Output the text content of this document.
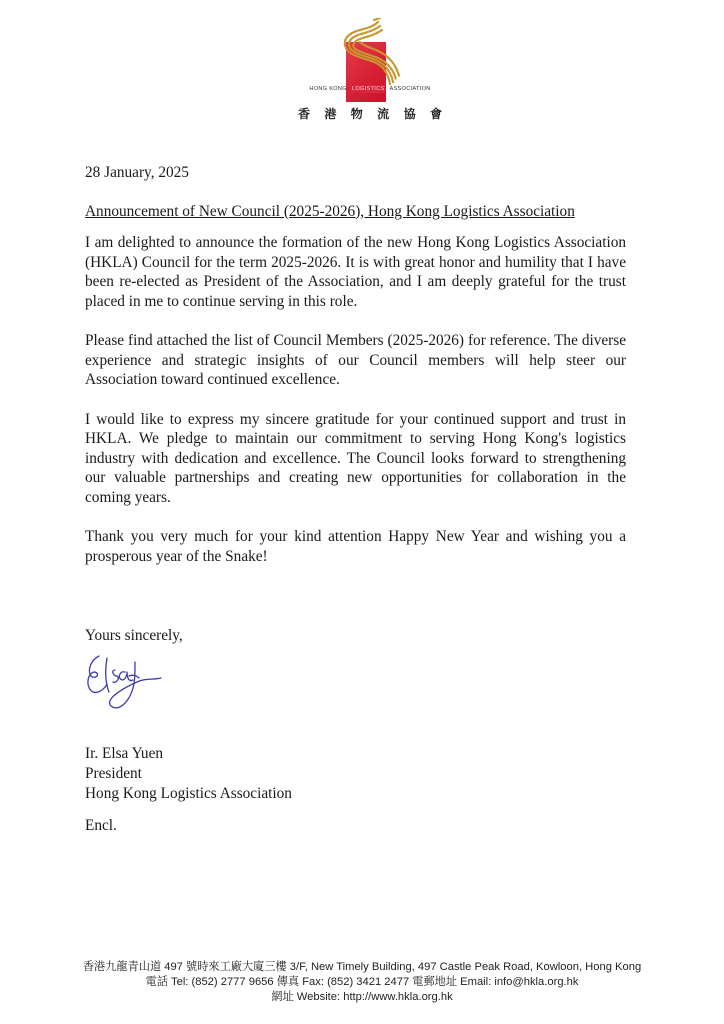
HONG KONG LOGISTICS ASSOCIATION
香 港 物 流 協 會

28 January, 2025

Announcement of New Council (2025-2026), Hong Kong Logistics Association

I am delighted to announce the formation of the new Hong Kong Logistics Association (HKLA) Council for the term 2025-2026. It is with great honor and humility that I have been re-elected as President of the Association, and I am deeply grateful for the trust placed in me to continue serving in this role.

Please find attached the list of Council Members (2025-2026) for reference. The diverse experience and strategic insights of our Council members will help steer our Association toward continued excellence.

I would like to express my sincere gratitude for your continued support and trust in HKLA. We pledge to maintain our commitment to serving Hong Kong's logistics industry with dedication and excellence. The Council looks forward to strengthening our valuable partnerships and creating new opportunities for collaboration in the coming years.

Thank you very much for your kind attention Happy New Year and wishing you a prosperous year of the Snake!

Yours sincerely,
Ir. Elsa Yuen
President
Hong Kong Logistics Association
Encl.
香港九龍青山道 497 號時來工廠大廈三樓 3/F, New Timely Building, 497 Castle Peak Road, Kowloon, Hong Kong
電話 Tel: (852) 2777 9656 傳真 Fax: (852) 3421 2477 電郵地址 Email: info@hkla.org.hk
網址 Website: http://www.hkla.org.hk
